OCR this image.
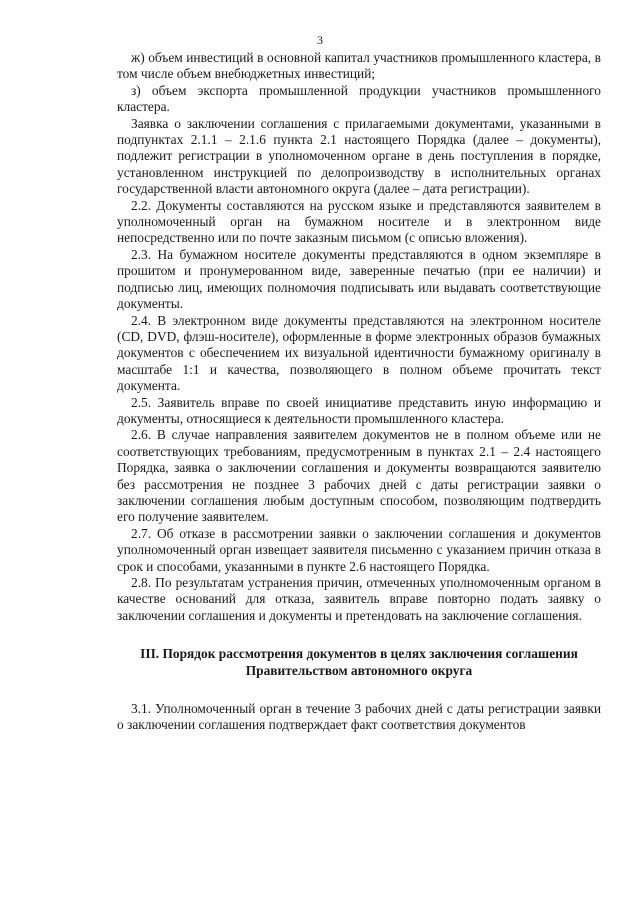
3

ж) объем инвестиций в основной капитал участников промышленного кластера, в том числе объем внебюджетных инвестиций;

з) объем экспорта промышленной продукции участников промышленного кластера.

Заявка о заключении соглашения с прилагаемыми документами, указанными в подпунктах 2.1.1 – 2.1.6 пункта 2.1 настоящего Порядка (далее – документы), подлежит регистрации в уполномоченном органе в день поступления в порядке, установленном инструкцией по делопроизводству в исполнительных органах государственной власти автономного округа (далее – дата регистрации).

2.2. Документы составляются на русском языке и представляются заявителем в уполномоченный орган на бумажном носителе и в электронном виде непосредственно или по почте заказным письмом (с описью вложения).

2.3. На бумажном носителе документы представляются в одном экземпляре в прошитом и пронумерованном виде, заверенные печатью (при ее наличии) и подписью лиц, имеющих полномочия подписывать или выдавать соответствующие документы.

2.4. В электронном виде документы представляются на электронном носителе (CD, DVD, флэш-носителе), оформленные в форме электронных образов бумажных документов с обеспечением их визуальной идентичности бумажному оригиналу в масштабе 1:1 и качества, позволяющего в полном объеме прочитать текст документа.

2.5. Заявитель вправе по своей инициативе представить иную информацию и документы, относящиеся к деятельности промышленного кластера.

2.6. В случае направления заявителем документов не в полном объеме или не соответствующих требованиям, предусмотренным в пунктах 2.1 – 2.4 настоящего Порядка, заявка о заключении соглашения и документы возвращаются заявителю без рассмотрения не позднее 3 рабочих дней с даты регистрации заявки о заключении соглашения любым доступным способом, позволяющим подтвердить его получение заявителем.

2.7. Об отказе в рассмотрении заявки о заключении соглашения и документов уполномоченный орган извещает заявителя письменно с указанием причин отказа в срок и способами, указанными в пункте 2.6 настоящего Порядка.

2.8. По результатам устранения причин, отмеченных уполномоченным органом в качестве оснований для отказа, заявитель вправе повторно подать заявку о заключении соглашения и документы и претендовать на заключение соглашения.

III. Порядок рассмотрения документов в целях заключения соглашения Правительством автономного округа

3.1. Уполномоченный орган в течение 3 рабочих дней с даты регистрации заявки о заключении соглашения подтверждает факт соответствия документов
